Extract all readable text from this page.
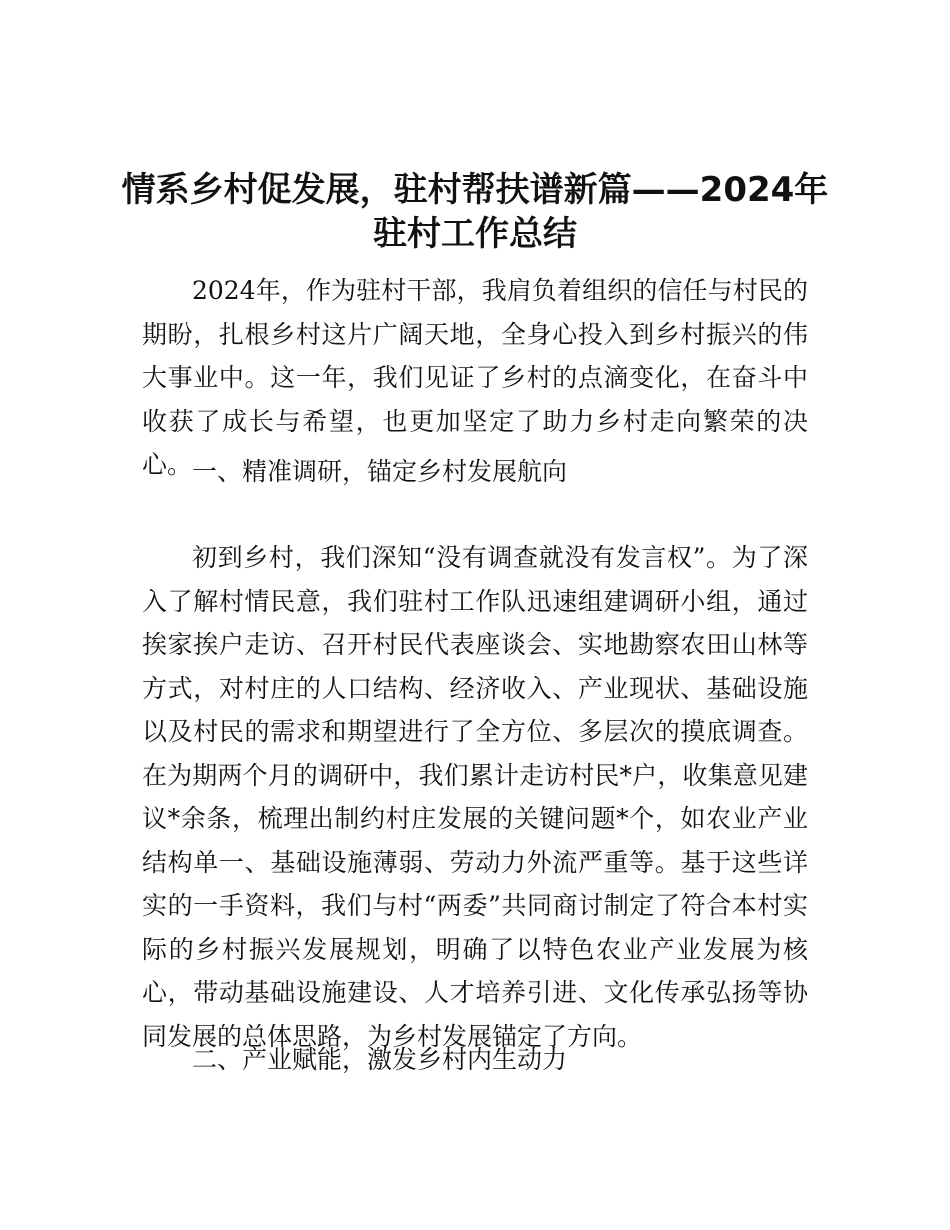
情系乡村促发展，驻村帮扶谱新篇——2024年
驻村工作总结

2024年，作为驻村干部，我肩负着组织的信任与村民的期盼，扎根乡村这片广阔天地，全身心投入到乡村振兴的伟大事业中。这一年，我们见证了乡村的点滴变化，在奋斗中收获了成长与希望，也更加坚定了助力乡村走向繁荣的决心。 一、精准调研，锚定乡村发展航向

初到乡村，我们深知“没有调查就没有发言权”。为了深入了解村情民意，我们驻村工作队迅速组建调研小组，通过挨家挨户走访、召开村民代表座谈会、实地勘察农田山林等方式，对村庄的人口结构、经济收入、产业现状、基础设施以及村民的需求和期望进行了全方位、多层次的摸底调查。在为期两个月的调研中，我们累计走访村民*户，收集意见建议*余条，梳理出制约村庄发展的关键问题*个，如农业产业结构单一、基础设施薄弱、劳动力外流严重等。基于这些详实的一手资料，我们与村“两委”共同商讨制定了符合本村实际的乡村振兴发展规划，明确了以特色农业产业发展为核心，带动基础设施建设、人才培养引进、文化传承弘扬等协同发展的总体思路，为乡村发展锚定了方向。

二、产业赋能，激发乡村内生动力
